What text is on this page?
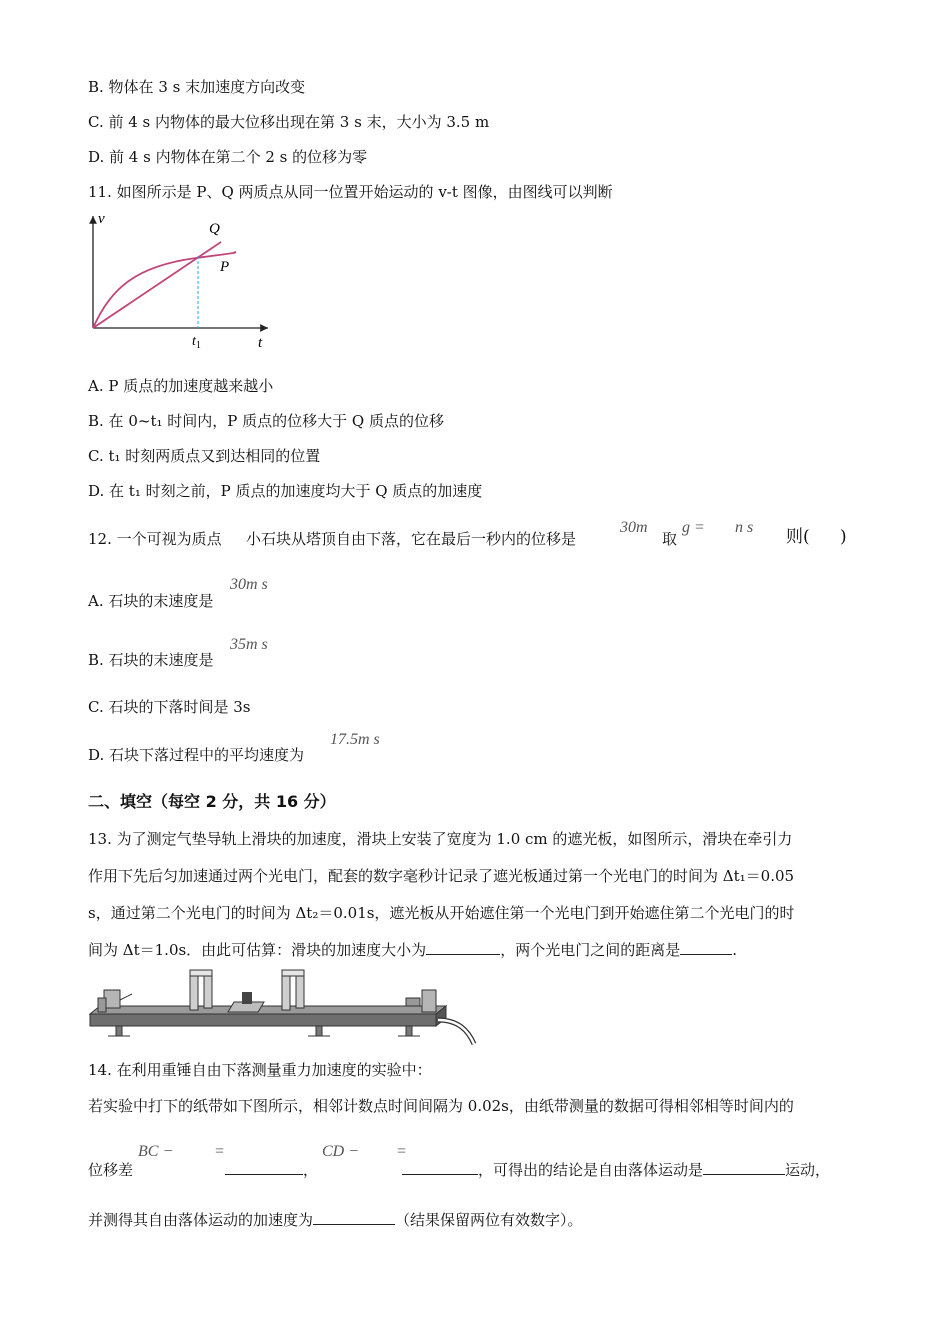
B. 物体在 3 s 末加速度方向改变
C. 前 4 s 内物体的最大位移出现在第 3 s 末，大小为 3.5 m
D. 前 4 s 内物体在第二个 2 s 的位移为零
11. 如图所示是 P、Q 两质点从同一位置开始运动的 v-t 图像，由图线可以判断
v
t
Q
P
$t_1$
A. P 质点的加速度越来越小
B. 在 0~t₁ 时间内，P 质点的位移大于 Q 质点的位移
C. t₁ 时刻两质点又到达相同的位置
D. 在 t₁ 时刻之前，P 质点的加速度均大于 Q 质点的加速度
12. 一个可视为质点 小石块从塔顶自由下落，它在最后一秒内的位移是
30m
取
g = n s 则( )
A. 石块的末速度是
30m s
B. 石块的末速度是
35m s
C. 石块的下落时间是 3s
D. 石块下落过程中的平均速度为
17.5m s
二、填空（每空 2 分，共 16 分）
13. 为了测定气垫导轨上滑块的加速度，滑块上安装了宽度为 1.0 cm 的遮光板，如图所示，滑块在牵引力
作用下先后匀加速通过两个光电门，配套的数字毫秒计记录了遮光板通过第一个光电门的时间为 Δt₁＝0.05
s，通过第二个光电门的时间为 Δt₂＝0.01s，遮光板从开始遮住第一个光电门到开始遮住第二个光电门的时
间为 Δt＝1.0s．由此可估算：滑块的加速度大小为	，两个光电门之间的距离是	.
14. 在利用重锤自由下落测量重力加速度的实验中：
若实验中打下的纸带如下图所示，相邻计数点时间间隔为 0.02s，由纸带测量的数据可得相邻相等时间内的
BC −	=	CD − =
位移差	，	，可得出的结论是自由落体运动是	运动，
并测得其自由落体运动的加速度为	（结果保留两位有效数字）。
